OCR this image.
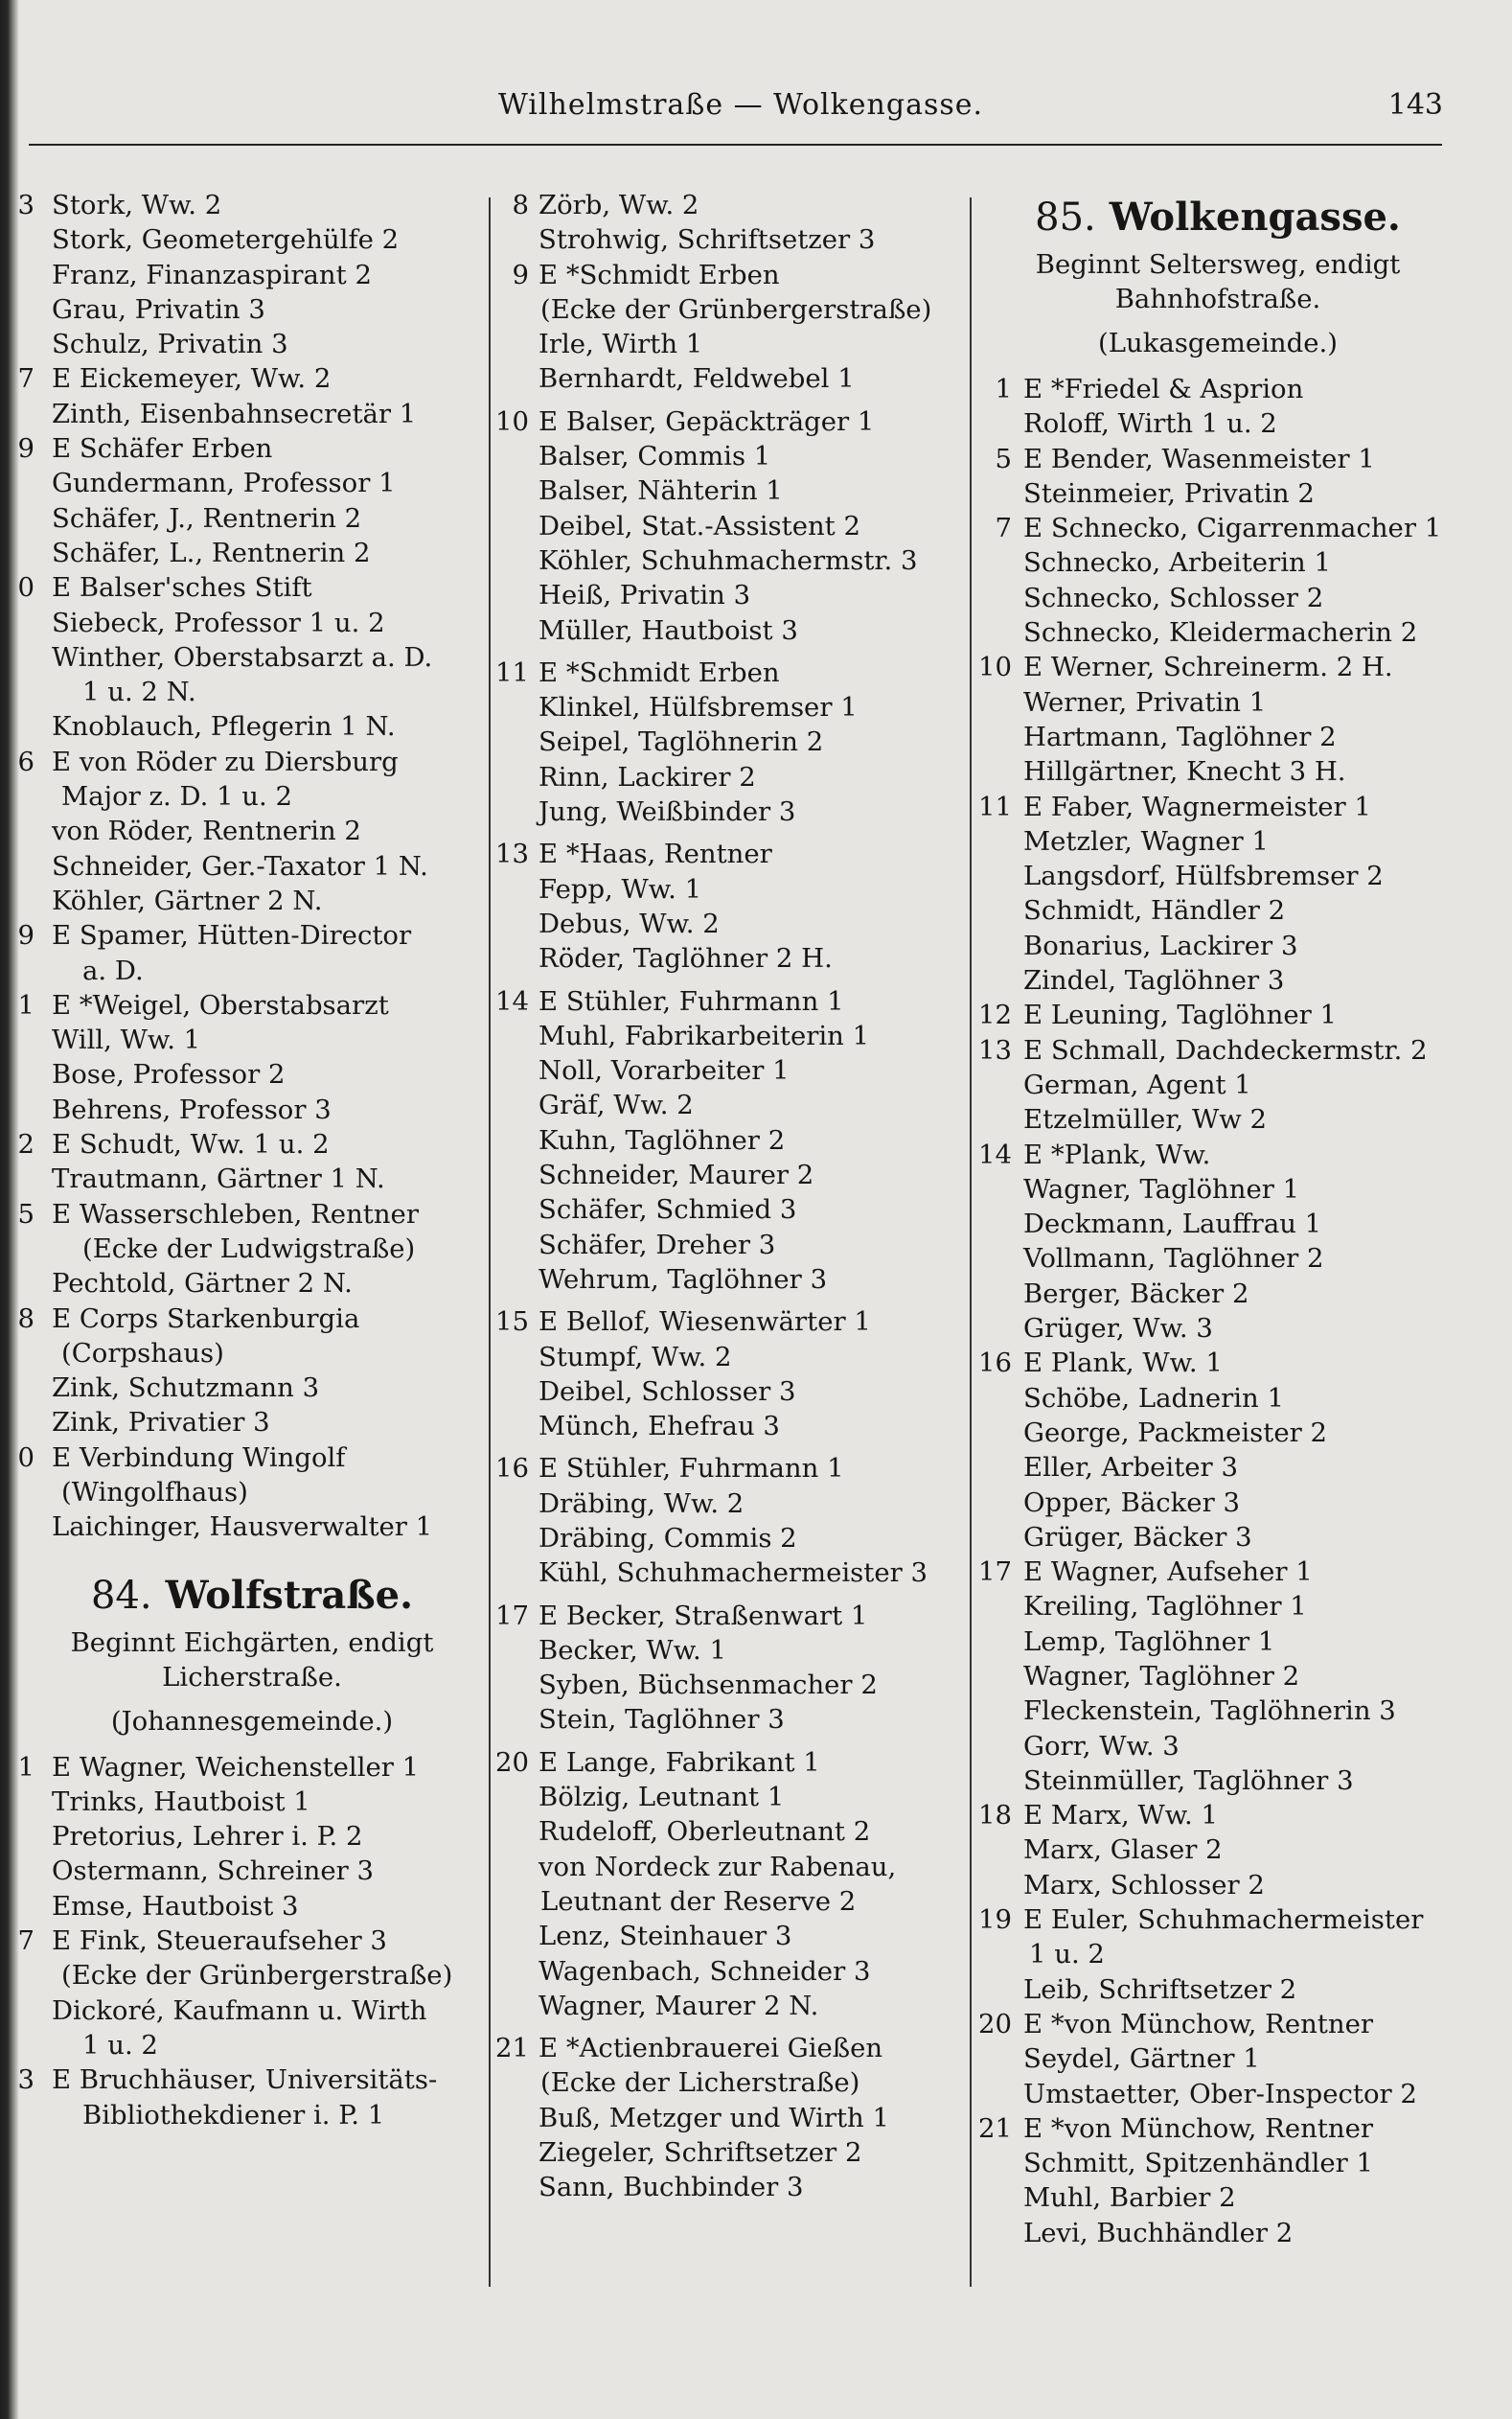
Wilhelmstraße — Wolkengasse.	143
3 Stork, Ww. 2
Stork, Geometergehülfe 2
Franz, Finanzaspirant 2
Grau, Privatin 3
Schulz, Privatin 3
7 E Eickemeyer, Ww. 2
Zinth, Eisenbahnsecretär 1
9 E Schäfer Erben
Gundermann, Professor 1
Schäfer, J., Rentnerin 2
Schäfer, L., Rentnerin 2
0 E Balser'sches Stift
Siebeck, Professor 1 u. 2
Winther, Oberstabsarzt a. D.
1 u. 2 N.
Knoblauch, Pflegerin 1 N.
6 E von Röder zu Diersburg
Major z. D. 1 u. 2
von Röder, Rentnerin 2
Schneider, Ger.-Taxator 1 N.
Köhler, Gärtner 2 N.
9 E Spamer, Hütten-Director
a. D.
1 E *Weigel, Oberstabsarzt
Will, Ww. 1
Bose, Professor 2
Behrens, Professor 3
2 E Schudt, Ww. 1 u. 2
Trautmann, Gärtner 1 N.
5 E Wasserschleben, Rentner
(Ecke der Ludwigstraße)
Pechtold, Gärtner 2 N.
8 E Corps Starkenburgia
(Corpshaus)
Zink, Schutzmann 3
Zink, Privatier 3
0 E Verbindung Wingolf
(Wingolfhaus)
Laichinger, Hausverwalter 1
84. Wolfstraße.
Beginnt Eichgärten, endigt
Licherstraße.
(Johannesgemeinde.)
1 E Wagner, Weichensteller 1
Trinks, Hautboist 1
Pretorius, Lehrer i. P. 2
Ostermann, Schreiner 3
Emse, Hautboist 3
7 E Fink, Steueraufseher 3
(Ecke der Grünbergerstraße)
Dickoré, Kaufmann u. Wirth
1 u. 2
3 E Bruchhäuser, Universitäts-
Bibliothekdiener i. P. 1
8 Zörb, Ww. 2
Strohwig, Schriftsetzer 3
9 E *Schmidt Erben
(Ecke der Grünbergerstraße)
Irle, Wirth 1
Bernhardt, Feldwebel 1
10 E Balser, Gepäckträger 1
Balser, Commis 1
Balser, Nähterin 1
Deibel, Stat.-Assistent 2
Köhler, Schuhmachermstr. 3
Heiß, Privatin 3
Müller, Hautboist 3
11 E *Schmidt Erben
Klinkel, Hülfsbremser 1
Seipel, Taglöhnerin 2
Rinn, Lackirer 2
Jung, Weißbinder 3
13 E *Haas, Rentner
Fepp, Ww. 1
Debus, Ww. 2
Röder, Taglöhner 2 H.
14 E Stühler, Fuhrmann 1
Muhl, Fabrikarbeiterin 1
Noll, Vorarbeiter 1
Gräf, Ww. 2
Kuhn, Taglöhner 2
Schneider, Maurer 2
Schäfer, Schmied 3
Schäfer, Dreher 3
Wehrum, Taglöhner 3
15 E Bellof, Wiesenwärter 1
Stumpf, Ww. 2
Deibel, Schlosser 3
Münch, Ehefrau 3
16 E Stühler, Fuhrmann 1
Dräbing, Ww. 2
Dräbing, Commis 2
Kühl, Schuhmachermeister 3
17 E Becker, Straßenwart 1
Becker, Ww. 1
Syben, Büchsenmacher 2
Stein, Taglöhner 3
20 E Lange, Fabrikant 1
Bölzig, Leutnant 1
Rudeloff, Oberleutnant 2
von Nordeck zur Rabenau,
Leutnant der Reserve 2
Lenz, Steinhauer 3
Wagenbach, Schneider 3
Wagner, Maurer 2 N.
21 E *Actienbrauerei Gießen
(Ecke der Licherstraße)
Buß, Metzger und Wirth 1
Ziegeler, Schriftsetzer 2
Sann, Buchbinder 3
85. Wolkengasse.
Beginnt Seltersweg, endigt
Bahnhofstraße.
(Lukasgemeinde.)
1 E *Friedel & Asprion
Roloff, Wirth 1 u. 2
5 E Bender, Wasenmeister 1
Steinmeier, Privatin 2
7 E Schnecko, Cigarrenmacher 1
Schnecko, Arbeiterin 1
Schnecko, Schlosser 2
Schnecko, Kleidermacherin 2
10 E Werner, Schreinerm. 2 H.
Werner, Privatin 1
Hartmann, Taglöhner 2
Hillgärtner, Knecht 3 H.
11 E Faber, Wagnermeister 1
Metzler, Wagner 1
Langsdorf, Hülfsbremser 2
Schmidt, Händler 2
Bonarius, Lackirer 3
Zindel, Taglöhner 3
12 E Leuning, Taglöhner 1
13 E Schmall, Dachdeckermstr. 2
German, Agent 1
Etzelmüller, Ww 2
14 E *Plank, Ww.
Wagner, Taglöhner 1
Deckmann, Lauffrau 1
Vollmann, Taglöhner 2
Berger, Bäcker 2
Grüger, Ww. 3
16 E Plank, Ww. 1
Schöbe, Ladnerin 1
George, Packmeister 2
Eller, Arbeiter 3
Opper, Bäcker 3
Grüger, Bäcker 3
17 E Wagner, Aufseher 1
Kreiling, Taglöhner 1
Lemp, Taglöhner 1
Wagner, Taglöhner 2
Fleckenstein, Taglöhnerin 3
Gorr, Ww. 3
Steinmüller, Taglöhner 3
18 E Marx, Ww. 1
Marx, Glaser 2
Marx, Schlosser 2
19 E Euler, Schuhmachermeister
1 u. 2
Leib, Schriftsetzer 2
20 E *von Münchow, Rentner
Seydel, Gärtner 1
Umstaetter, Ober-Inspector 2
21 E *von Münchow, Rentner
Schmitt, Spitzenhändler 1
Muhl, Barbier 2
Levi, Buchhändler 2
